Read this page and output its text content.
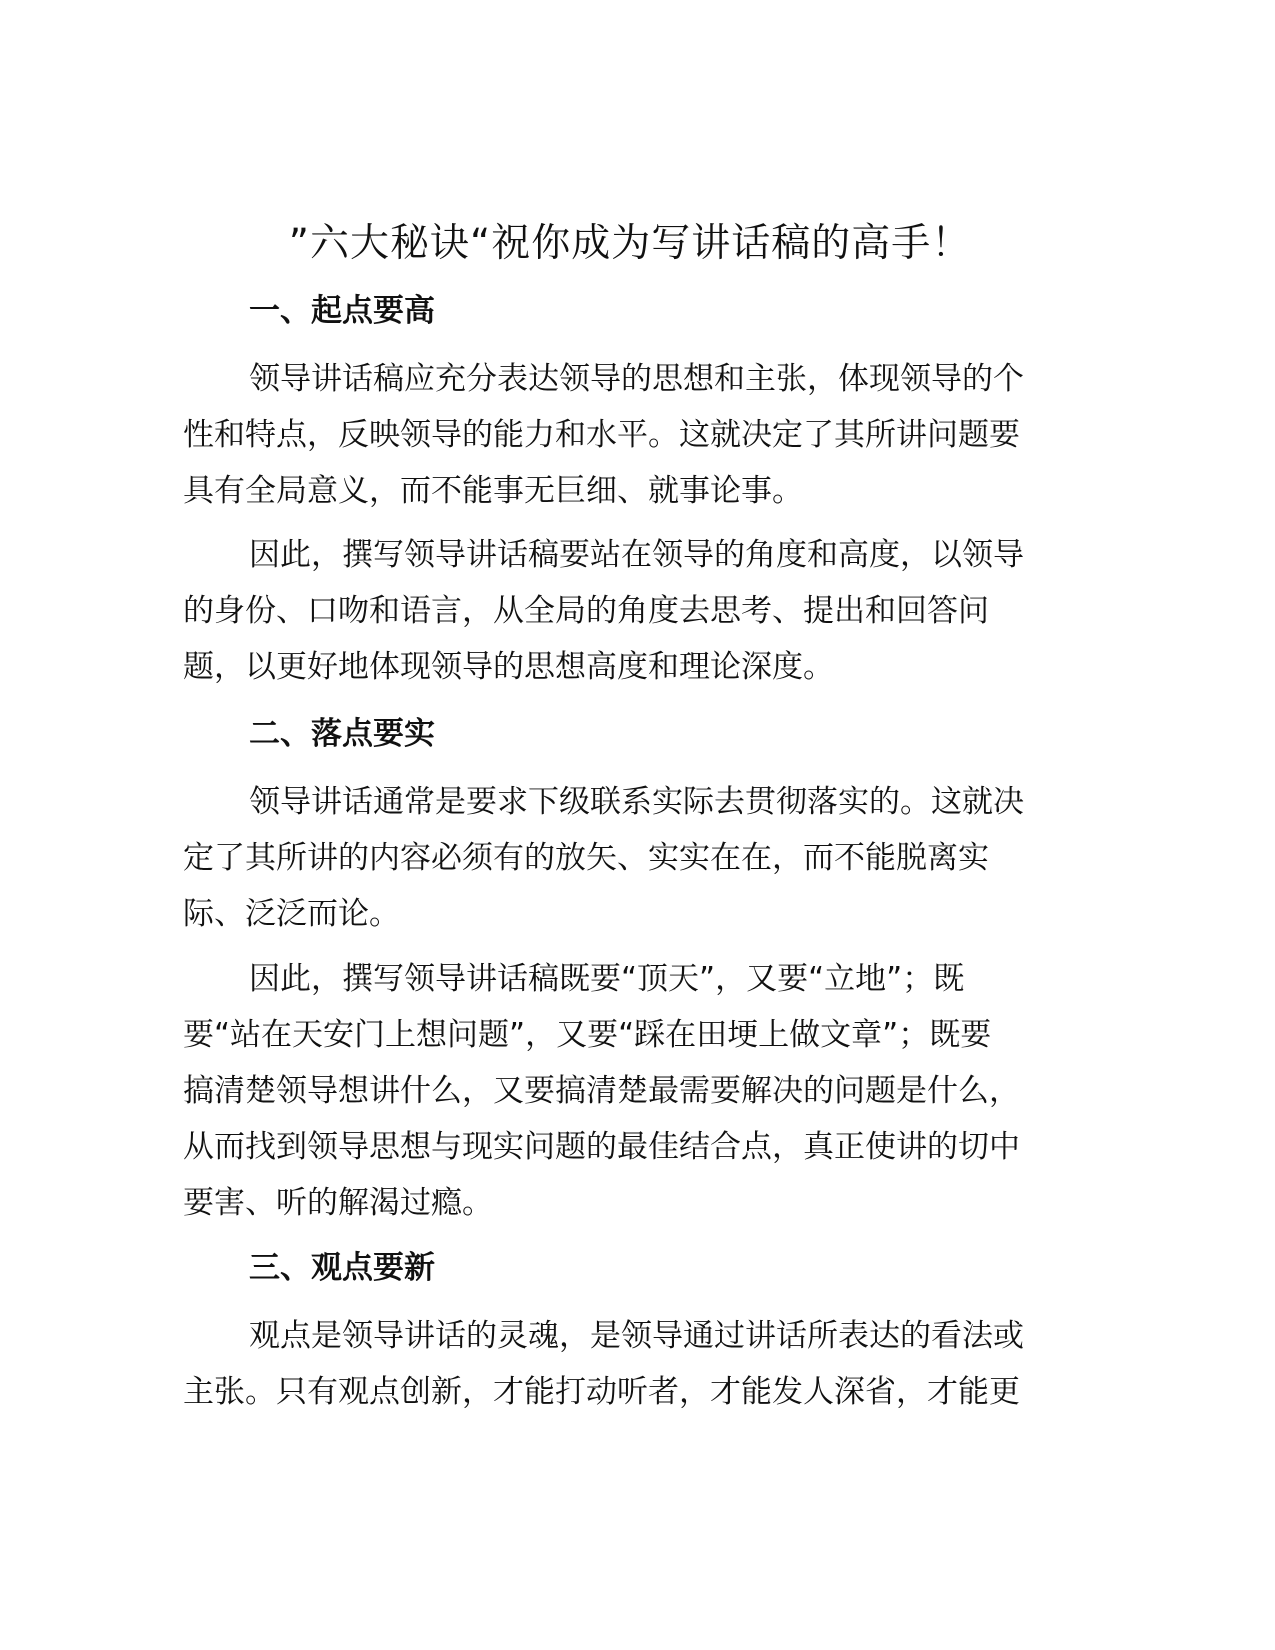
”六大秘诀“祝你成为写讲话稿的高手！
一、起点要高
领导讲话稿应充分表达领导的思想和主张，体现领导的个
性和特点，反映领导的能力和水平。这就决定了其所讲问题要
具有全局意义，而不能事无巨细、就事论事。
因此，撰写领导讲话稿要站在领导的角度和高度，以领导
的身份、口吻和语言，从全局的角度去思考、提出和回答问
题，以更好地体现领导的思想高度和理论深度。
二、落点要实
领导讲话通常是要求下级联系实际去贯彻落实的。这就决
定了其所讲的内容必须有的放矢、实实在在，而不能脱离实
际、泛泛而论。
因此，撰写领导讲话稿既要“顶天”，又要“立地”；既
要“站在天安门上想问题”，又要“踩在田埂上做文章”；既要
搞清楚领导想讲什么，又要搞清楚最需要解决的问题是什么，
从而找到领导思想与现实问题的最佳结合点，真正使讲的切中
要害、听的解渴过瘾。
三、观点要新
观点是领导讲话的灵魂，是领导通过讲话所表达的看法或
主张。只有观点创新，才能打动听者，才能发人深省，才能更
